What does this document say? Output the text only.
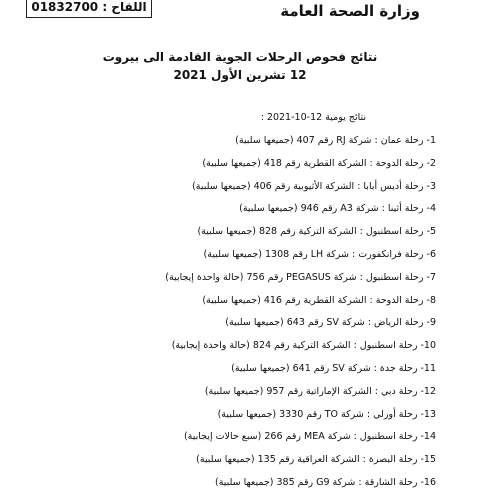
اللقاح : 01832700	وزارة الصحة العامة
نتائج فحوص الرحلات الجوية القادمة الى بيروت
12 تشرين الأول 2021
نتائج يومية 12-10-2021 :
1- رحلة عمان : شركة RJ رقم 407 (جميعها سلبية)
2- رحلة الدوحة : الشركة القطرية رقم 418 (جميعها سلبية)
3- رحلة أديس أبابا : الشركة الأثيوبية رقم 406 (جميعها سلبية)
4- رحلة أثينا : شركة A3 رقم 946 (جميعها سلبية)
5- رحلة اسطنبول : الشركة التركية رقم 828 (جميعها سلبية)
6- رحلة فرانكفورت : شركة LH رقم 1308 (جميعها سلبية)
7- رحلة اسطنبول : شركة PEGASUS رقم 756 (حالة واحدة إيجابية)
8- رحلة الدوحة : الشركة القطرية رقم 416 (جميعها سلبية)
9- رحلة الرياض : شركة SV رقم 643 (جميعها سلبية)
10- رحلة اسطنبول : الشركة التركية رقم 824 (حالة واحدة إيجابية)
11- رحلة جدة : شركة SV رقم 641 (جميعها سلبية)
12- رحلة دبي : الشركة الإماراتية رقم 957 (جميعها سلبية)
13- رحلة أورلي : شركة TO رقم 3330 (جميعها سلبية)
14- رحلة اسطنبول : شركة MEA رقم 266 (سبع حالات إيجابية)
15- رحلة البصرة : الشركة العراقية رقم 135 (جميعها سلبية)
16- رحلة الشارقة : شركة G9 رقم 385 (جميعها سلبية)
